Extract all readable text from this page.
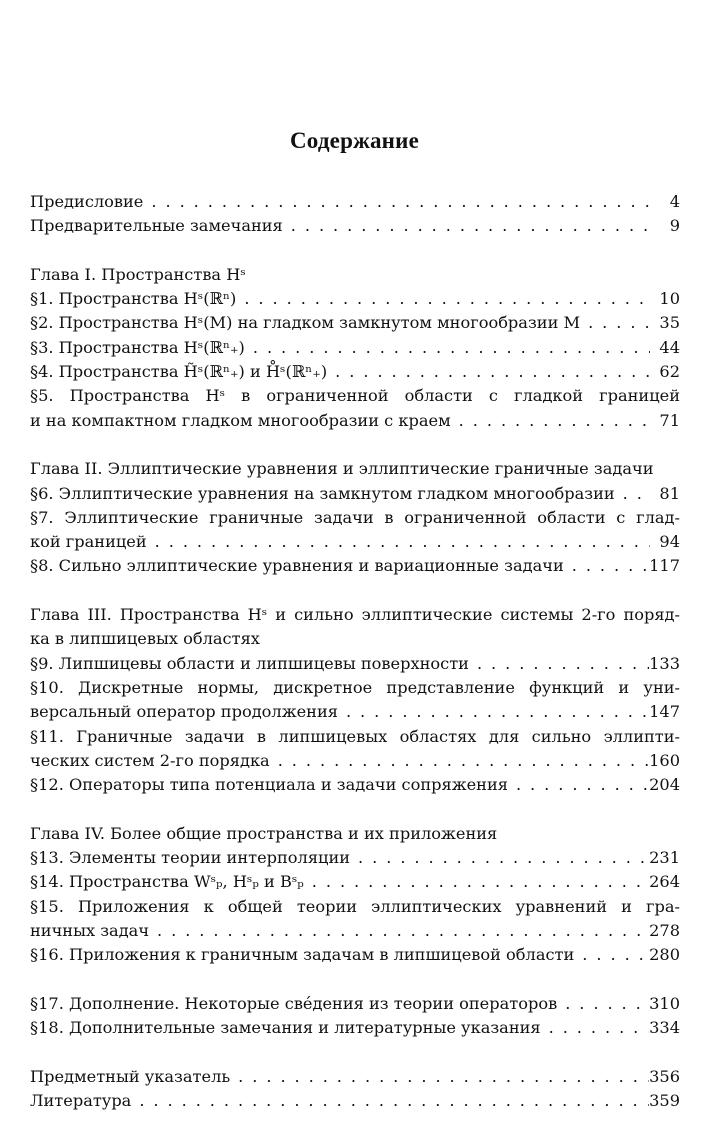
Содержание
Предисловие . . .	4
Предварительные замечания . . .	9
Глава I. Пространства Hˢ
§1. Пространства Hˢ(ℝⁿ) . . .	10
§2. Пространства Hˢ(M) на гладком замкнутом многообразии M . . .	35
§3. Пространства Hˢ(ℝⁿ₊) . . .	44
§4. Пространства H̃ˢ(ℝⁿ₊) и H̊ˢ(ℝⁿ₊) . . .	62
§5. Пространства Hˢ в ограниченной области с гладкой границей
и на компактном гладком многообразии с краем . . .	71
Глава II. Эллиптические уравнения и эллиптические граничные задачи
§6. Эллиптические уравнения на замкнутом гладком многообразии . . .	81
§7. Эллиптические граничные задачи в ограниченной области с глад-
кой границей . . .	94
§8. Сильно эллиптические уравнения и вариационные задачи . . .	117
Глава III. Пространства Hˢ и сильно эллиптические системы 2-го поряд-
ка в липшицевых областях
§9. Липшицевы области и липшицевы поверхности . . .	133
§10. Дискретные нормы, дискретное представление функций и уни-
версальный оператор продолжения . . .	147
§11. Граничные задачи в липшицевых областях для сильно эллипти-
ческих систем 2-го порядка . . .	160
§12. Операторы типа потенциала и задачи сопряжения . . .	204
Глава IV. Более общие пространства и их приложения
§13. Элементы теории интерполяции . . .	231
§14. Пространства Wˢₚ, Hˢₚ и Bˢₚ . . .	264
§15. Приложения к общей теории эллиптических уравнений и гра-
ничных задач . . .	278
§16. Приложения к граничным задачам в липшицевой области . . .	280
§17. Дополнение. Некоторые све́дения из теории операторов . . .	310
§18. Дополнительные замечания и литературные указания . . .	334
Предметный указатель . . .	356
Литература . . .	359
